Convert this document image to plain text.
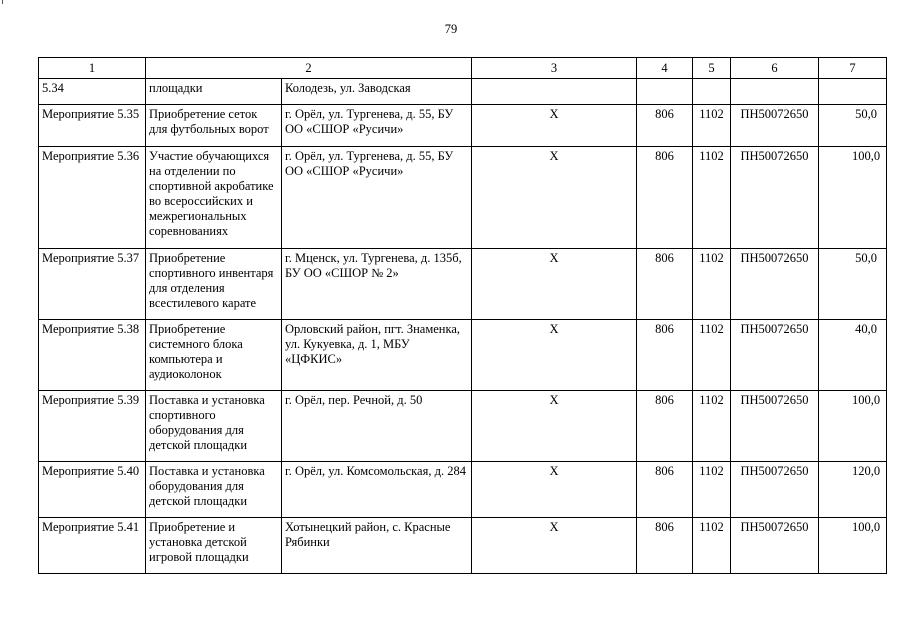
79
1	2		3	4	5	6	7
5.34	площадки	Колодезь, ул. Заводская					
Мероприятие 5.35	Приобретение сеток для футбольных ворот	г. Орёл, ул. Тургенева, д. 55, БУ ОО «СШОР «Русичи»	X	806	1102	ПН50072650	50,0
Мероприятие 5.36	Участие обучающихся на отделении по спортивной акробатике во всероссийских и межрегиональных соревнованиях	г. Орёл, ул. Тургенева, д. 55, БУ ОО «СШОР «Русичи»	X	806	1102	ПН50072650	100,0
Мероприятие 5.37	Приобретение спортивного инвентаря для отделения всестилевого карате	г. Мценск, ул. Тургенева, д. 135б, БУ ОО «СШОР № 2»	X	806	1102	ПН50072650	50,0
Мероприятие 5.38	Приобретение системного блока компьютера и аудиоколонок	Орловский район, пгт. Знаменка, ул. Кукуевка, д. 1, МБУ «ЦФКИС»	X	806	1102	ПН50072650	40,0
Мероприятие 5.39	Поставка и установка спортивного оборудования для детской площадки	г. Орёл, пер. Речной, д. 50	X	806	1102	ПН50072650	100,0
Мероприятие 5.40	Поставка и установка оборудования для детской площадки	г. Орёл, ул. Комсомольская, д. 284	X	806	1102	ПН50072650	120,0
Мероприятие 5.41	Приобретение и установка детской игровой площадки	Хотынецкий район, с. Красные Рябинки	X	806	1102	ПН50072650	100,0
